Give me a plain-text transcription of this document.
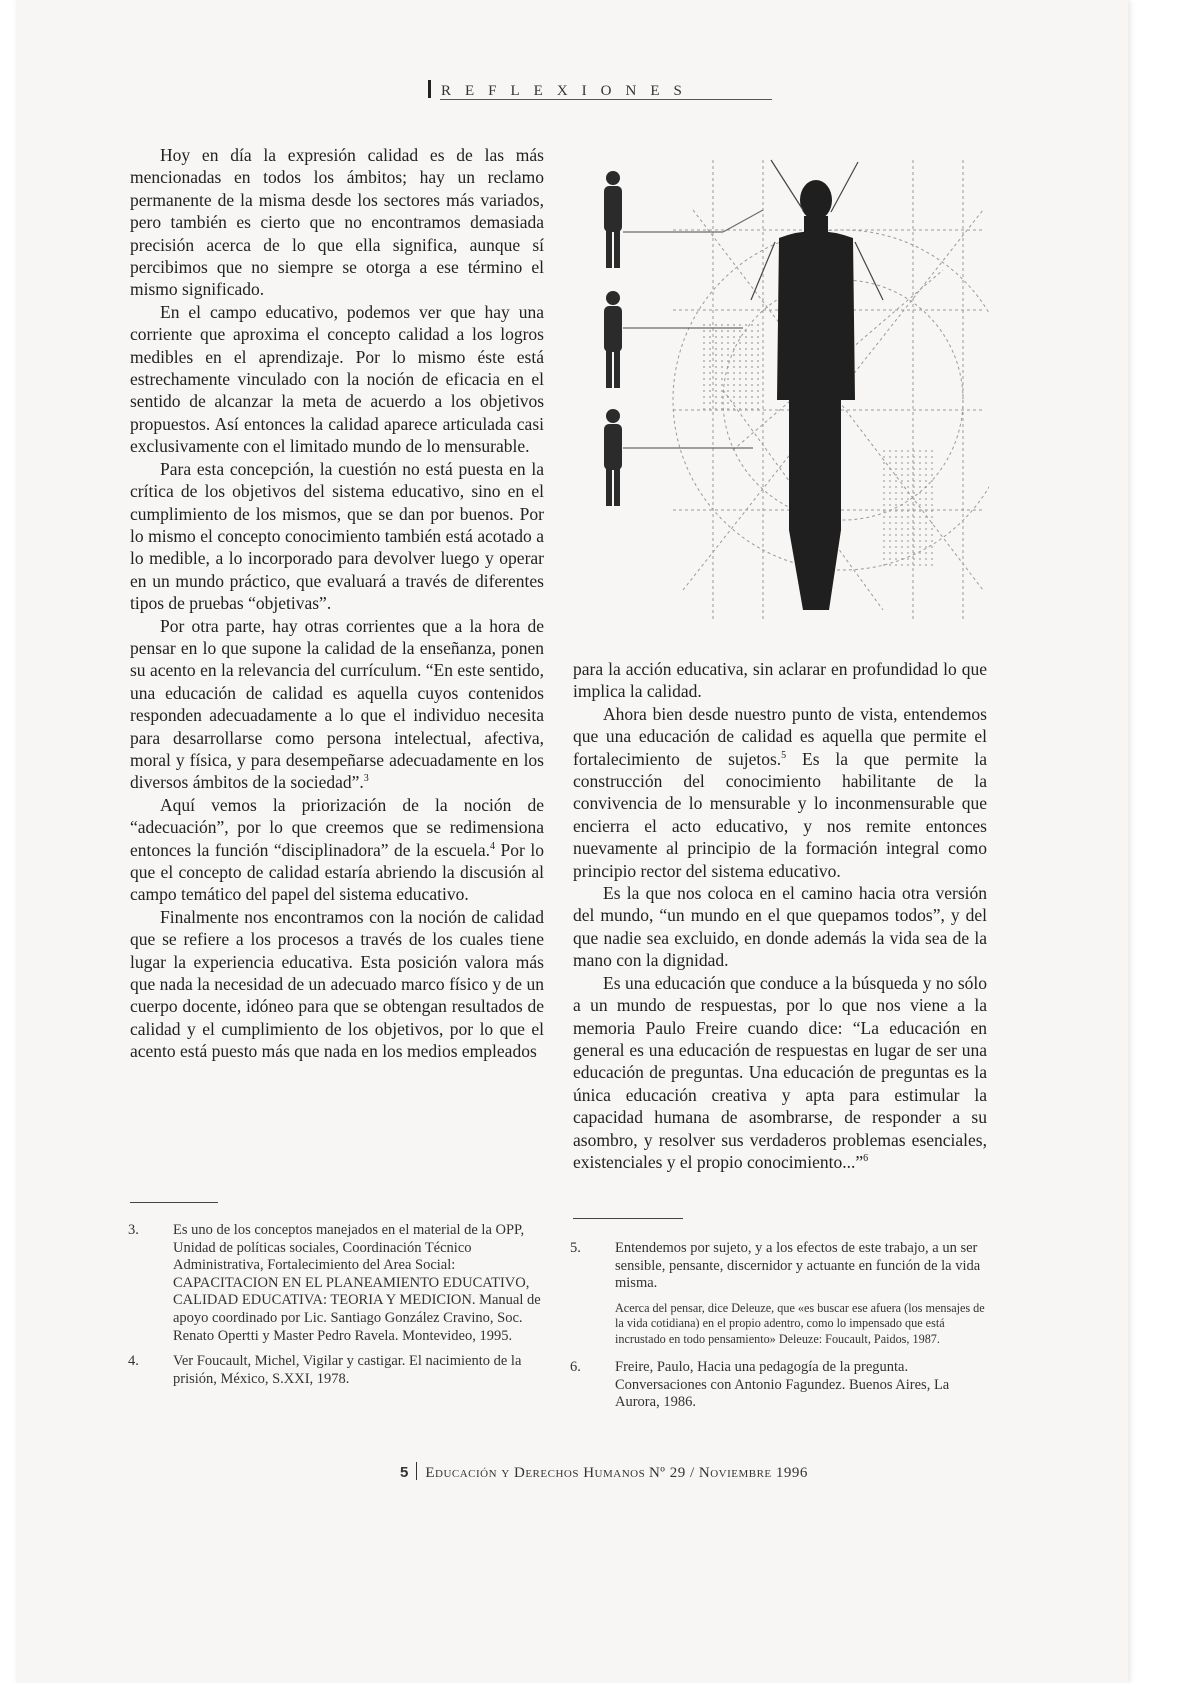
REFLEXIONES

Hoy en día la expresión calidad es de las más mencionadas en todos los ámbitos; hay un reclamo permanente de la misma desde los sectores más variados, pero también es cierto que no encontramos demasiada precisión acerca de lo que ella significa, aunque sí percibimos que no siempre se otorga a ese término el mismo significado.

En el campo educativo, podemos ver que hay una corriente que aproxima el concepto calidad a los logros medibles en el aprendizaje. Por lo mismo éste está estrechamente vinculado con la noción de eficacia en el sentido de alcanzar la meta de acuerdo a los objetivos propuestos. Así entonces la calidad aparece articulada casi exclusivamente con el limitado mundo de lo mensurable.

Para esta concepción, la cuestión no está puesta en la crítica de los objetivos del sistema educativo, sino en el cumplimiento de los mismos, que se dan por buenos. Por lo mismo el concepto conocimiento también está acotado a lo medible, a lo incorporado para devolver luego y operar en un mundo práctico, que evaluará a través de diferentes tipos de pruebas “objetivas”.

Por otra parte, hay otras corrientes que a la hora de pensar en lo que supone la calidad de la enseñanza, ponen su acento en la relevancia del currículum. “En este sentido, una educación de calidad es aquella cuyos contenidos responden adecuadamente a lo que el individuo necesita para desarrollarse como persona intelectual, afectiva, moral y física, y para desempeñarse adecuadamente en los diversos ámbitos de la sociedad”.$^3$

Aquí vemos la priorización de la noción de “adecuación”, por lo que creemos que se redimensiona entonces la función “disciplinadora” de la escuela.$^4$ Por lo que el concepto de calidad estaría abriendo la discusión al campo temático del papel del sistema educativo.

Finalmente nos encontramos con la noción de calidad que se refiere a los procesos a través de los cuales tiene lugar la experiencia educativa. Esta posición valora más que nada la necesidad de un adecuado marco físico y de un cuerpo docente, idóneo para que se obtengan resultados de calidad y el cumplimiento de los objetivos, por lo que el acento está puesto más que nada en los medios empleados

para la acción educativa, sin aclarar en profundidad lo que implica la calidad.

Ahora bien desde nuestro punto de vista, entendemos que una educación de calidad es aquella que permite el fortalecimiento de sujetos.$^5$ Es la que permite la construcción del conocimiento habilitante de la convivencia de lo mensurable y lo inconmensurable que encierra el acto educativo, y nos remite entonces nuevamente al principio de la formación integral como principio rector del sistema educativo.

Es la que nos coloca en el camino hacia otra versión del mundo, “un mundo en el que quepamos todos”, y del que nadie sea excluido, en donde además la vida sea de la mano con la dignidad.

Es una educación que conduce a la búsqueda y no sólo a un mundo de respuestas, por lo que nos viene a la memoria Paulo Freire cuando dice: “La educación en general es una educación de respuestas en lugar de ser una educación de preguntas. Una educación de preguntas es la única educación creativa y apta para estimular la capacidad humana de asombrarse, de responder a su asombro, y resolver sus verdaderos problemas esenciales, existenciales y el propio conocimiento...”$^6$

3.	Es uno de los conceptos manejados en el material de la OPP, Unidad de políticas sociales, Coordinación Técnico Administrativa, Fortalecimiento del Area Social: CAPACITACION EN EL PLANEAMIENTO EDUCATIVO, CALIDAD EDUCATIVA: TEORIA Y MEDICION. Manual de apoyo coordinado por Lic. Santiago González Cravino, Soc. Renato Opertti y Master Pedro Ravela. Montevideo, 1995.
4.	Ver Foucault, Michel, Vigilar y castigar. El nacimiento de la prisión, México, S.XXI, 1978.
5.	Entendemos por sujeto, y a los efectos de este trabajo, a un ser sensible, pensante, discernidor y actuante en función de la vida misma.
Acerca del pensar, dice Deleuze, que «es buscar ese afuera (los mensajes de la vida cotidiana) en el propio adentro, como lo impensado que está incrustado en todo pensamiento» Deleuze: Foucault, Paidos, 1987.
6.	Freire, Paulo, Hacia una pedagogía de la pregunta. Conversaciones con Antonio Fagundez. Buenos Aires, La Aurora, 1986.
5 Educación y Derechos Humanos Nº 29 / Noviembre 1996
